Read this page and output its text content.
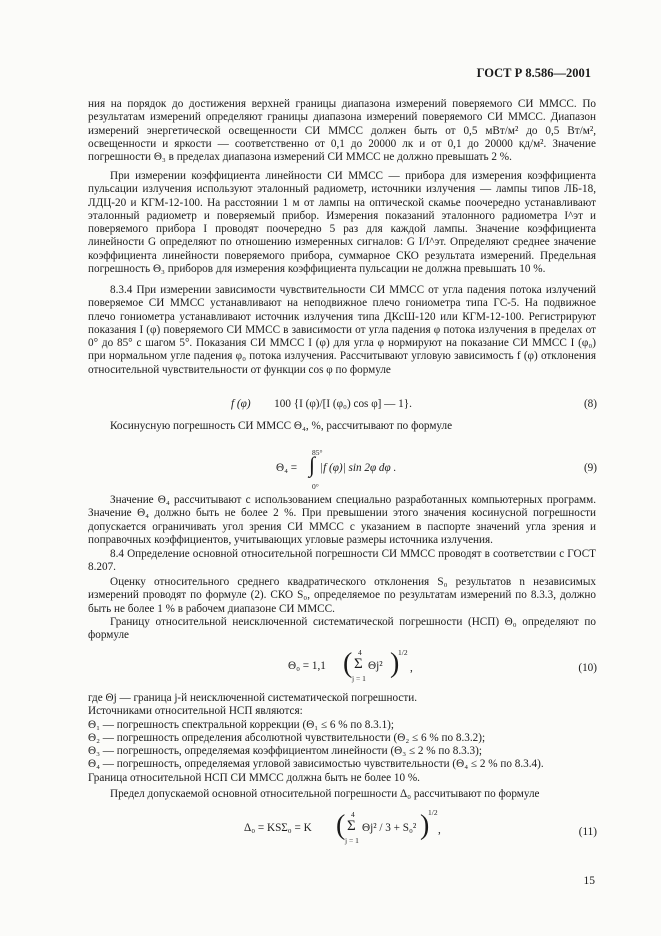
ГОСТ Р 8.586—2001

ния на порядок до достижения верхней границы диапазона измерений поверяемого СИ ММСС. По результатам измерений определяют границы диапазона измерений поверяемого СИ ММСС. Диапазон измерений энергетической освещенности СИ ММСС должен быть от 0,5 мВт/м² до 0,5 Вт/м², освещенности и яркости — соответственно от 0,1 до 20000 лк и от 0,1 до 20000 кд/м². Значение погрешности Θ₃ в пределах диапазона измерений СИ ММСС не должно превышать 2 %.

При измерении коэффициента линейности СИ ММСС — прибора для измерения коэффициента пульсации излучения используют эталонный радиометр, источники излучения — лампы типов ЛБ-18, ЛДЦ-20 и КГМ-12-100. На расстоянии 1 м от лампы на оптической скамье поочередно устанавливают эталонный радиометр и поверяемый прибор. Измерения показаний эталонного радиометра I^эт и поверяемого прибора I проводят поочередно 5 раз для каждой лампы. Значение коэффициента линейности G определяют по отношению измеренных сигналов: G I/I^эт. Определяют среднее значение коэффициента линейности поверяемого прибора, суммарное СКО результата измерений. Предельная погрешность Θ₃ приборов для измерения коэффициента пульсации не должна превышать 10 %.

8.3.4 При измерении зависимости чувствительности СИ ММСС от угла падения потока излучений поверяемое СИ ММСС устанавливают на неподвижное плечо гониометра типа ГС-5. На подвижное плечо гониометра устанавливают источник излучения типа ДКсШ-120 или КГМ-12-100. Регистрируют показания I (φ) поверяемого СИ ММСС в зависимости от угла падения φ потока излучения в пределах от 0° до 85° с шагом 5°. Показания СИ ММСС I (φ) для угла φ нормируют на показание СИ ММСС I (φ₀) при нормальном угле падения φ₀ потока излучения. Рассчитывают угловую зависимость f (φ) отклонения относительной чувствительности от функции cos φ по формуле

f (φ) 100 {I (φ)/[I (φ₀) cos φ] — 1}.	(8)

Косинусную погрешность СИ ММСС Θ₄, %, рассчитывают по формуле

85°
Θ₄ = ∫ |f (φ)| sin 2φ dφ .
0°
(9)

Значение Θ₄ рассчитывают с использованием специально разработанных компьютерных программ. Значение Θ₄ должно быть не более 2 %. При превышении этого значения косинусной погрешности допускается ограничивать угол зрения СИ ММСС с указанием в паспорте значений угла зрения и поправочных коэффициентов, учитывающих угловые размеры источника излучения.

8.4 Определение основной относительной погрешности СИ ММСС проводят в соответствии с ГОСТ 8.207.

Оценку относительного среднего квадратического отклонения S₀ результатов n независимых измерений проводят по формуле (2). СКО S₀, определяемое по результатам измерений по 8.3.3, должно быть не более 1 % в рабочем диапазоне СИ ММСС.

Границу относительной неисключенной систематической погрешности (НСП) Θ₀ определяют по формуле

Θ₀ = 1,1 ( 4
Σ
j = 1
Θj² )
1/2
,	(10)
где Θj — граница j-й неисключенной систематической погрешности.
Источниками относительной НСП являются:
Θ₁ — погрешность спектральной коррекции (Θ₁ ≤ 6 % по 8.3.1);
Θ₂ — погрешность определения абсолютной чувствительности (Θ₂ ≤ 6 % по 8.3.2);
Θ₃ — погрешность, определяемая коэффициентом линейности (Θ₃ ≤ 2 % по 8.3.3);
Θ₄ — погрешность, определяемая угловой зависимостью чувствительности (Θ₄ ≤ 2 % по 8.3.4).
Граница относительной НСП СИ ММСС должна быть не более 10 %.

Предел допускаемой основной относительной погрешности Δ₀ рассчитывают по формуле

Δ₀ = KSΣ₀ = K ( 4
Σ
j = 1
Θj² / 3 + S₀² )
1/2
,	(11)
15
